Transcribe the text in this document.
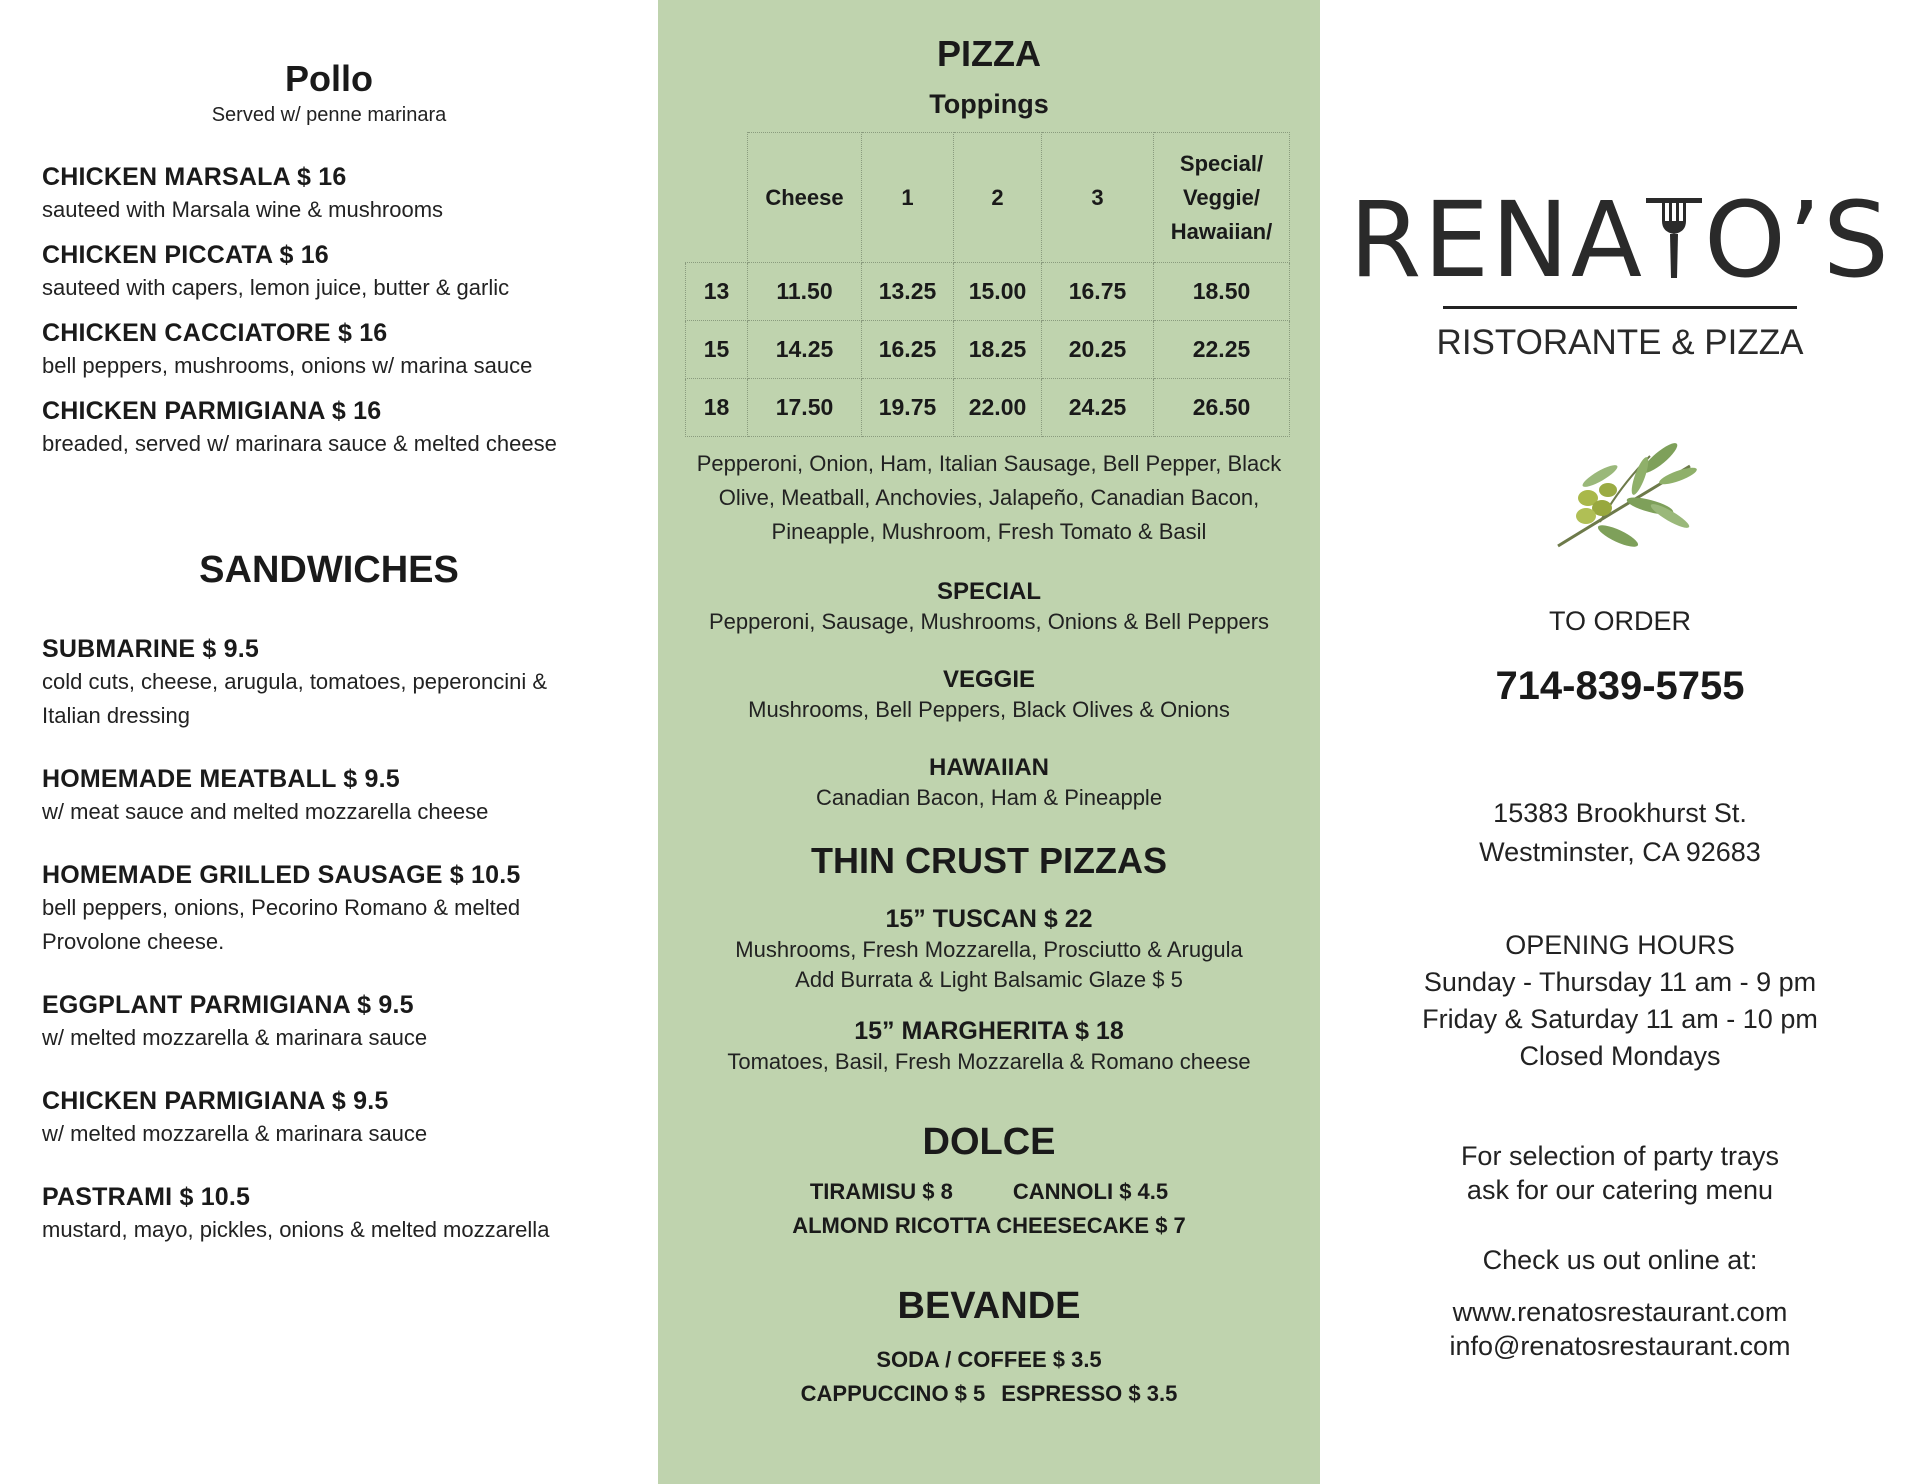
Pollo
Served w/ penne marinara
CHICKEN MARSALA $ 16
sauteed with Marsala wine & mushrooms
CHICKEN PICCATA $ 16
sauteed with capers, lemon juice, butter & garlic
CHICKEN CACCIATORE $ 16
bell peppers, mushrooms, onions w/ marina sauce
CHICKEN PARMIGIANA $ 16
breaded, served w/ marinara sauce & melted cheese
SANDWICHES
SUBMARINE $ 9.5
cold cuts, cheese, arugula, tomatoes, peperoncini & Italian dressing
HOMEMADE MEATBALL $ 9.5
w/ meat sauce and melted mozzarella cheese
HOMEMADE GRILLED SAUSAGE $ 10.5
bell peppers, onions, Pecorino Romano & melted Provolone cheese.
EGGPLANT PARMIGIANA $ 9.5
w/ melted mozzarella & marinara sauce
CHICKEN PARMIGIANA $ 9.5
w/ melted mozzarella & marinara sauce
PASTRAMI $ 10.5
mustard, mayo, pickles, onions & melted mozzarella
PIZZA
Toppings
	Cheese	1	2	3	Special/
Veggie/
Hawaiian/

13	11.50	13.25	15.00	16.75	18.50
15	14.25	16.25	18.25	20.25	22.25
18	17.50	19.75	22.00	24.25	26.50
Pepperoni, Onion, Ham, Italian Sausage, Bell Pepper, Black Olive, Meatball, Anchovies, Jalapeño, Canadian Bacon, Pineapple, Mushroom, Fresh Tomato & Basil
SPECIAL
Pepperoni, Sausage, Mushrooms, Onions & Bell Peppers
VEGGIE
Mushrooms, Bell Peppers, Black Olives & Onions
HAWAIIAN
Canadian Bacon, Ham & Pineapple
THIN CRUST PIZZAS
15” TUSCAN $ 22
Mushrooms, Fresh Mozzarella, Prosciutto & Arugula
Add Burrata & Light Balsamic Glaze $ 5
15” MARGHERITA $ 18
Tomatoes, Basil, Fresh Mozzarella & Romano cheese
DOLCE
TIRAMISU $ 8	CANNOLI $ 4.5
ALMOND RICOTTA CHEESECAKE $ 7
BEVANDE
SODA / COFFEE $ 3.5
CAPPUCCINO $ 5 ESPRESSO $ 3.5
RENA O’S
RISTORANTE & PIZZA
TO ORDER
714-839-5755
15383 Brookhurst St.
Westminster, CA 92683
OPENING HOURS
Sunday - Thursday 11 am - 9 pm
Friday & Saturday 11 am - 10 pm
Closed Mondays
For selection of party trays
ask for our catering menu
Check us out online at:
www.renatosrestaurant.com
info@renatosrestaurant.com
